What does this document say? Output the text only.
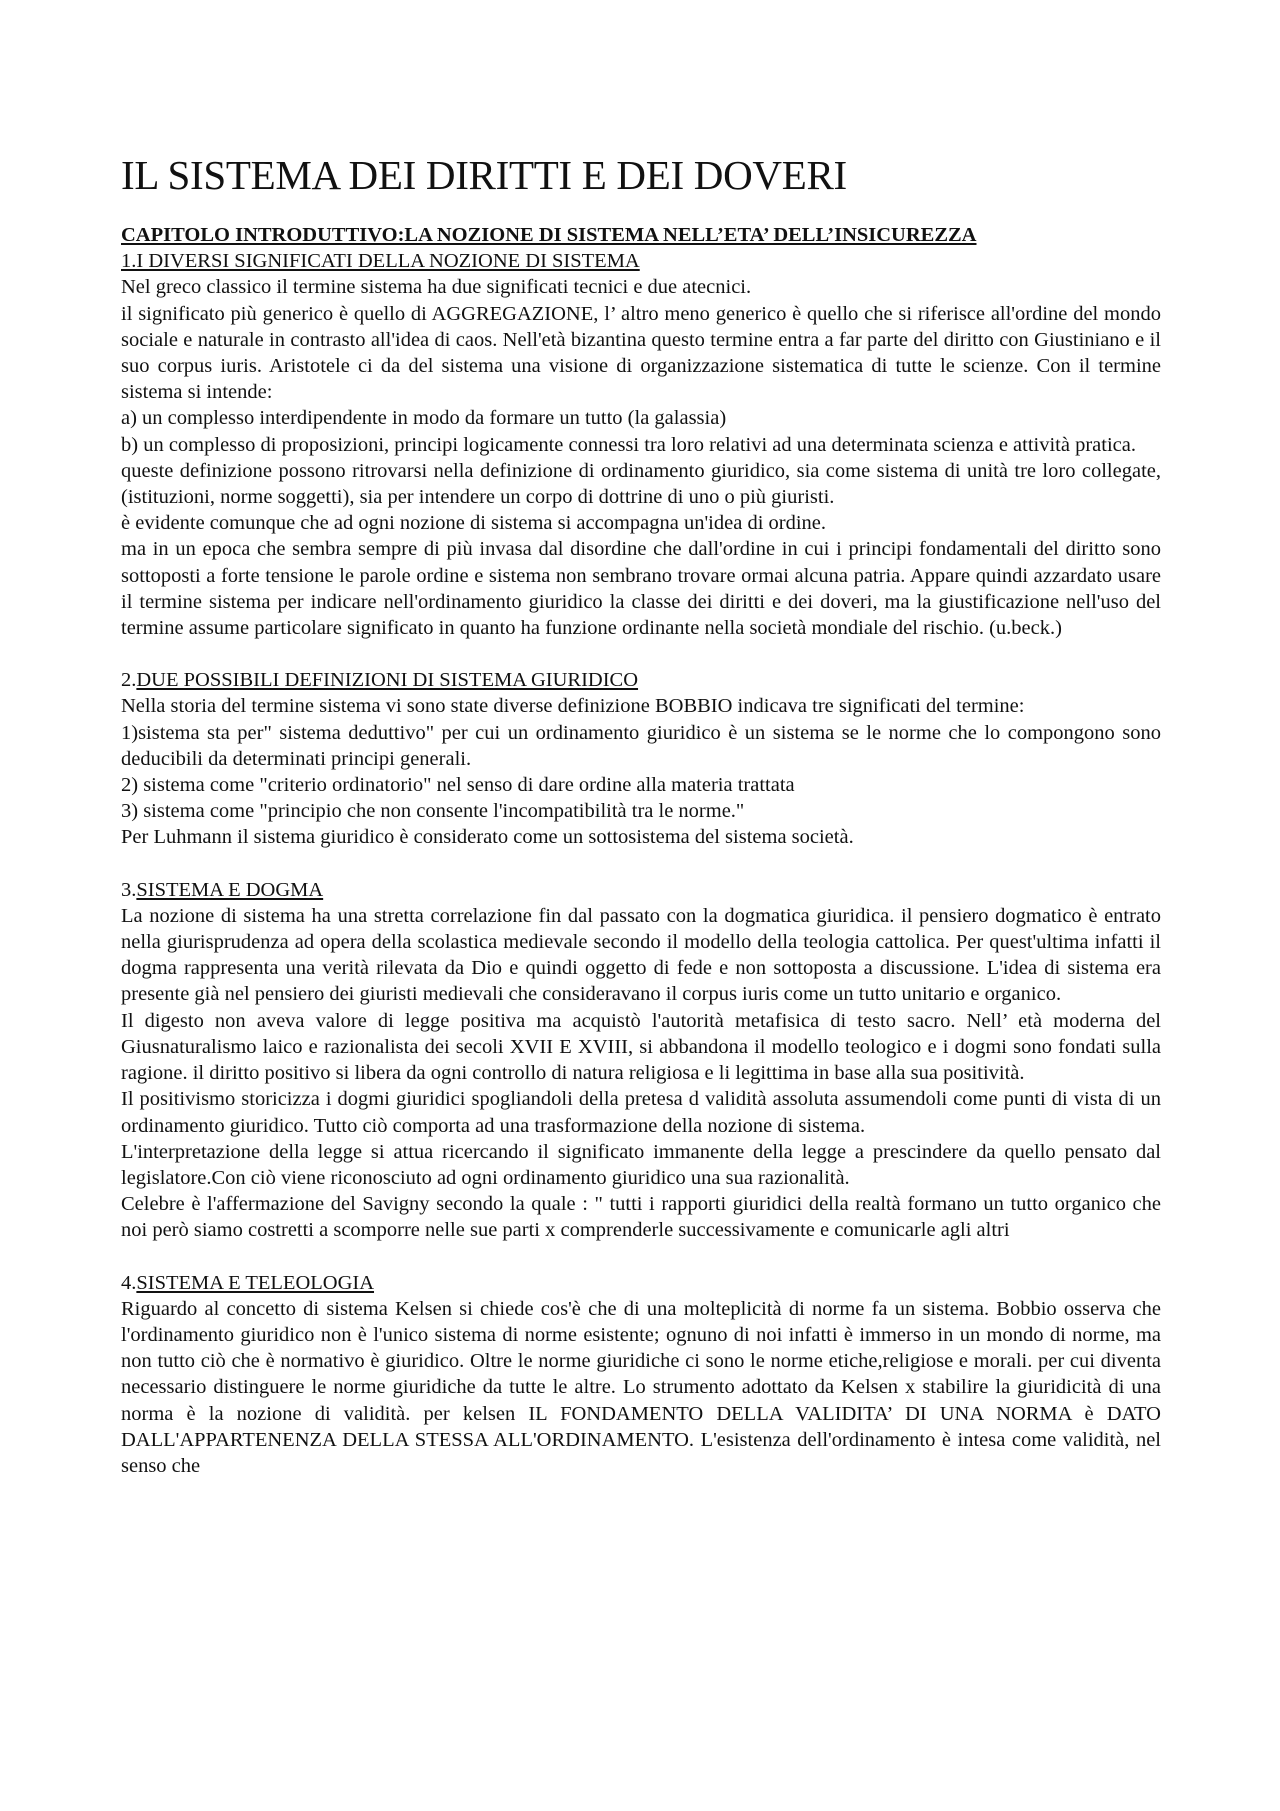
IL SISTEMA DEI DIRITTI E DEI DOVERI

CAPITOLO INTRODUTTIVO:LA NOZIONE DI SISTEMA NELL’ETA’ DELL’INSICUREZZA

1.I DIVERSI SIGNIFICATI DELLA NOZIONE DI SISTEMA

Nel greco classico il termine sistema ha due significati tecnici e due atecnici.

il significato più generico è quello di AGGREGAZIONE, l’ altro meno generico è quello che si riferisce all'ordine del mondo sociale e naturale in contrasto all'idea di caos. Nell'età bizantina questo termine entra a far parte del diritto con Giustiniano e il suo corpus iuris. Aristotele ci da del sistema una visione di organizzazione sistematica di tutte le scienze. Con il termine sistema si intende:

a) un complesso interdipendente in modo da formare un tutto (la galassia)

b) un complesso di proposizioni, principi logicamente connessi tra loro relativi ad una determinata scienza e attività pratica.

queste definizione possono ritrovarsi nella definizione di ordinamento giuridico, sia come sistema di unità tre loro collegate, (istituzioni, norme soggetti), sia per intendere un corpo di dottrine di uno o più giuristi.

è evidente comunque che ad ogni nozione di sistema si accompagna un'idea di ordine.

ma in un epoca che sembra sempre di più invasa dal disordine che dall'ordine in cui i principi fondamentali del diritto sono sottoposti a forte tensione le parole ordine e sistema non sembrano trovare ormai alcuna patria. Appare quindi azzardato usare il termine sistema per indicare nell'ordinamento giuridico la classe dei diritti e dei doveri, ma la giustificazione nell'uso del termine assume particolare significato in quanto ha funzione ordinante nella società mondiale del rischio. (u.beck.)

2.DUE POSSIBILI DEFINIZIONI DI SISTEMA GIURIDICO

Nella storia del termine sistema vi sono state diverse definizione BOBBIO indicava tre significati del termine:

1)sistema sta per" sistema deduttivo" per cui un ordinamento giuridico è un sistema se le norme che lo compongono sono deducibili da determinati principi generali.

2) sistema come "criterio ordinatorio" nel senso di dare ordine alla materia trattata

3) sistema come "principio che non consente l'incompatibilità tra le norme."

Per Luhmann il sistema giuridico è considerato come un sottosistema del sistema società.

3.SISTEMA E DOGMA

La nozione di sistema ha una stretta correlazione fin dal passato con la dogmatica giuridica. il pensiero dogmatico è entrato nella giurisprudenza ad opera della scolastica medievale secondo il modello della teologia cattolica. Per quest'ultima infatti il dogma rappresenta una verità rilevata da Dio e quindi oggetto di fede e non sottoposta a discussione. L'idea di sistema era presente già nel pensiero dei giuristi medievali che consideravano il corpus iuris come un tutto unitario e organico.

Il digesto non aveva valore di legge positiva ma acquistò l'autorità metafisica di testo sacro. Nell’ età moderna del Giusnaturalismo laico e razionalista dei secoli XVII E XVIII, si abbandona il modello teologico e i dogmi sono fondati sulla ragione. il diritto positivo si libera da ogni controllo di natura religiosa e li legittima in base alla sua positività.

Il positivismo storicizza i dogmi giuridici spogliandoli della pretesa d validità assoluta assumendoli come punti di vista di un ordinamento giuridico. Tutto ciò comporta ad una trasformazione della nozione di sistema.

L'interpretazione della legge si attua ricercando il significato immanente della legge a prescindere da quello pensato dal legislatore.Con ciò viene riconosciuto ad ogni ordinamento giuridico una sua razionalità.

Celebre è l'affermazione del Savigny secondo la quale : " tutti i rapporti giuridici della realtà formano un tutto organico che noi però siamo costretti a scomporre nelle sue parti x comprenderle successivamente e comunicarle agli altri

4.SISTEMA E TELEOLOGIA

Riguardo al concetto di sistema Kelsen si chiede cos'è che di una molteplicità di norme fa un sistema. Bobbio osserva che l'ordinamento giuridico non è l'unico sistema di norme esistente; ognuno di noi infatti è immerso in un mondo di norme, ma non tutto ciò che è normativo è giuridico. Oltre le norme giuridiche ci sono le norme etiche,religiose e morali. per cui diventa necessario distinguere le norme giuridiche da tutte le altre. Lo strumento adottato da Kelsen x stabilire la giuridicità di una norma è la nozione di validità. per kelsen IL FONDAMENTO DELLA VALIDITA’ DI UNA NORMA è DATO DALL'APPARTENENZA DELLA STESSA ALL'ORDINAMENTO. L'esistenza dell'ordinamento è intesa come validità, nel senso che
